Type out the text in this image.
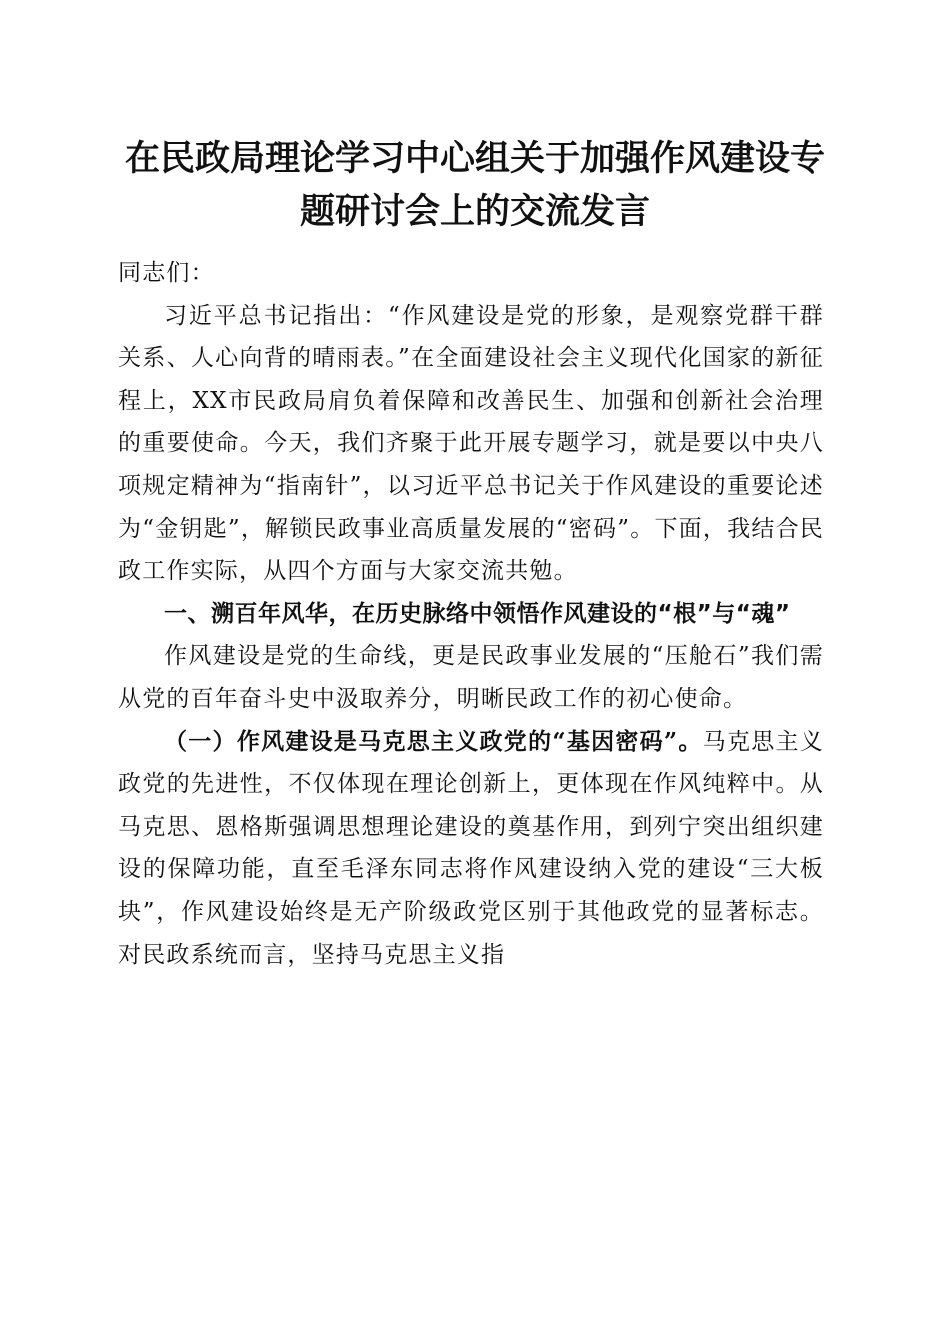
在民政局理论学习中心组关于加强作风建设专题研讨会上的交流发言

同志们：

习近平总书记指出：“作风建设是党的形象，是观察党群干群关系、人心向背的晴雨表。”在全面建设社会主义现代化国家的新征程上，XX市民政局肩负着保障和改善民生、加强和创新社会治理的重要使命。今天，我们齐聚于此开展专题学习，就是要以中央八项规定精神为“指南针”，以习近平总书记关于作风建设的重要论述为“金钥匙”，解锁民政事业高质量发展的“密码”。下面，我结合民政工作实际，从四个方面与大家交流共勉。

一、溯百年风华，在历史脉络中领悟作风建设的“根”与“魂”

作风建设是党的生命线，更是民政事业发展的“压舱石”我们需从党的百年奋斗史中汲取养分，明晰民政工作的初心使命。

（一）作风建设是马克思主义政党的“基因密码”。马克思主义政党的先进性，不仅体现在理论创新上，更体现在作风纯粹中。从马克思、恩格斯强调思想理论建设的奠基作用，到列宁突出组织建设的保障功能，直至毛泽东同志将作风建设纳入党的建设“三大板块”，作风建设始终是无产阶级政党区别于其他政党的显著标志。对民政系统而言，坚持马克思主义指
